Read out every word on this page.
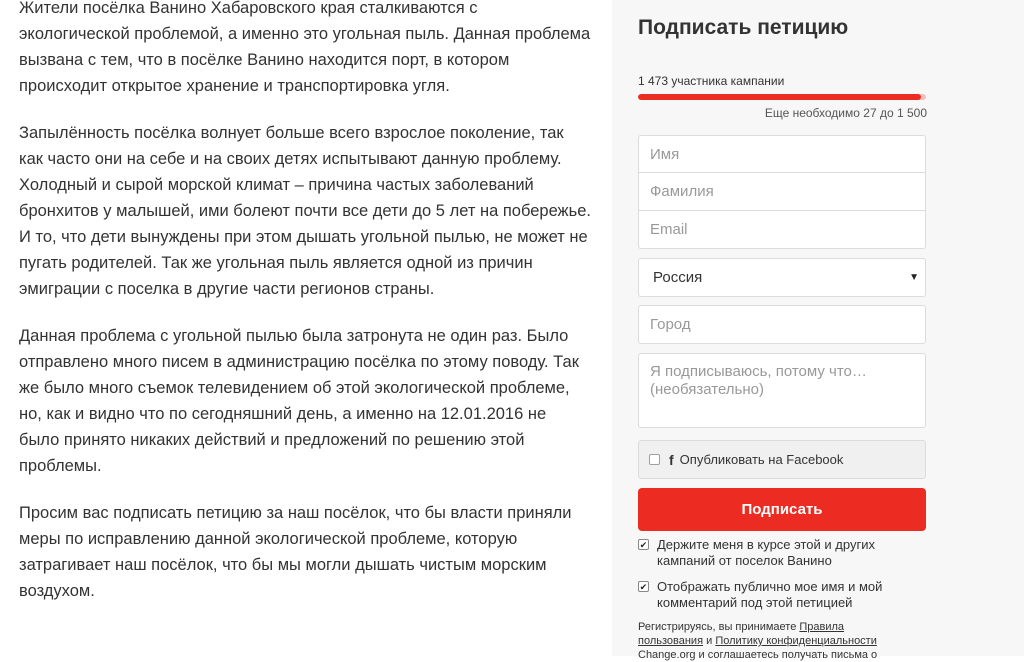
Жители посёлка Ванино Хабаровского края сталкиваются с экологической проблемой, а именно это угольная пыль. Данная проблема вызвана с тем, что в посёлке Ванино находится порт, в котором происходит открытое хранение и транспортировка угля.

Запылённость посёлка волнует больше всего взрослое поколение, так как часто они на себе и на своих детях испытывают данную проблему. Холодный и сырой морской климат – причина частых заболеваний бронхитов у малышей, ими болеют почти все дети до 5 лет на побережье. И то, что дети вынуждены при этом дышать угольной пылью, не может не пугать родителей. Так же угольная пыль является одной из причин эмиграции с поселка в другие части регионов страны.

Данная проблема с угольной пылью была затронута не один раз. Было отправлено много писем в администрацию посёлка по этому поводу. Так же было много съемок телевидением об этой экологической проблеме, но, как и видно что по сегодняшний день, а именно на 12.01.2016 не было принято никаких действий и предложений по решению этой проблемы.

Просим вас подписать петицию за наш посёлок, что бы власти приняли меры по исправлению данной экологической проблеме, которую затрагивает наш посёлок, что бы мы могли дышать чистым морским воздухом.

Подписать петицию
1 473 участника кампании
Еще необходимо 27 до 1 500
Имя
Фамилия
Email
Россия	▼
Город
Я подписываюсь, потому что… (необязательно)
f Опубликовать на Facebook
Подписать
✔ Держите меня в курсе этой и других кампаний от поселок Ванино
✔ Отображать публично мое имя и мой комментарий под этой петицией
Регистрируясь, вы принимаете Правила пользования и Политику конфиденциальности Change.org и соглашаетесь получать письма о
